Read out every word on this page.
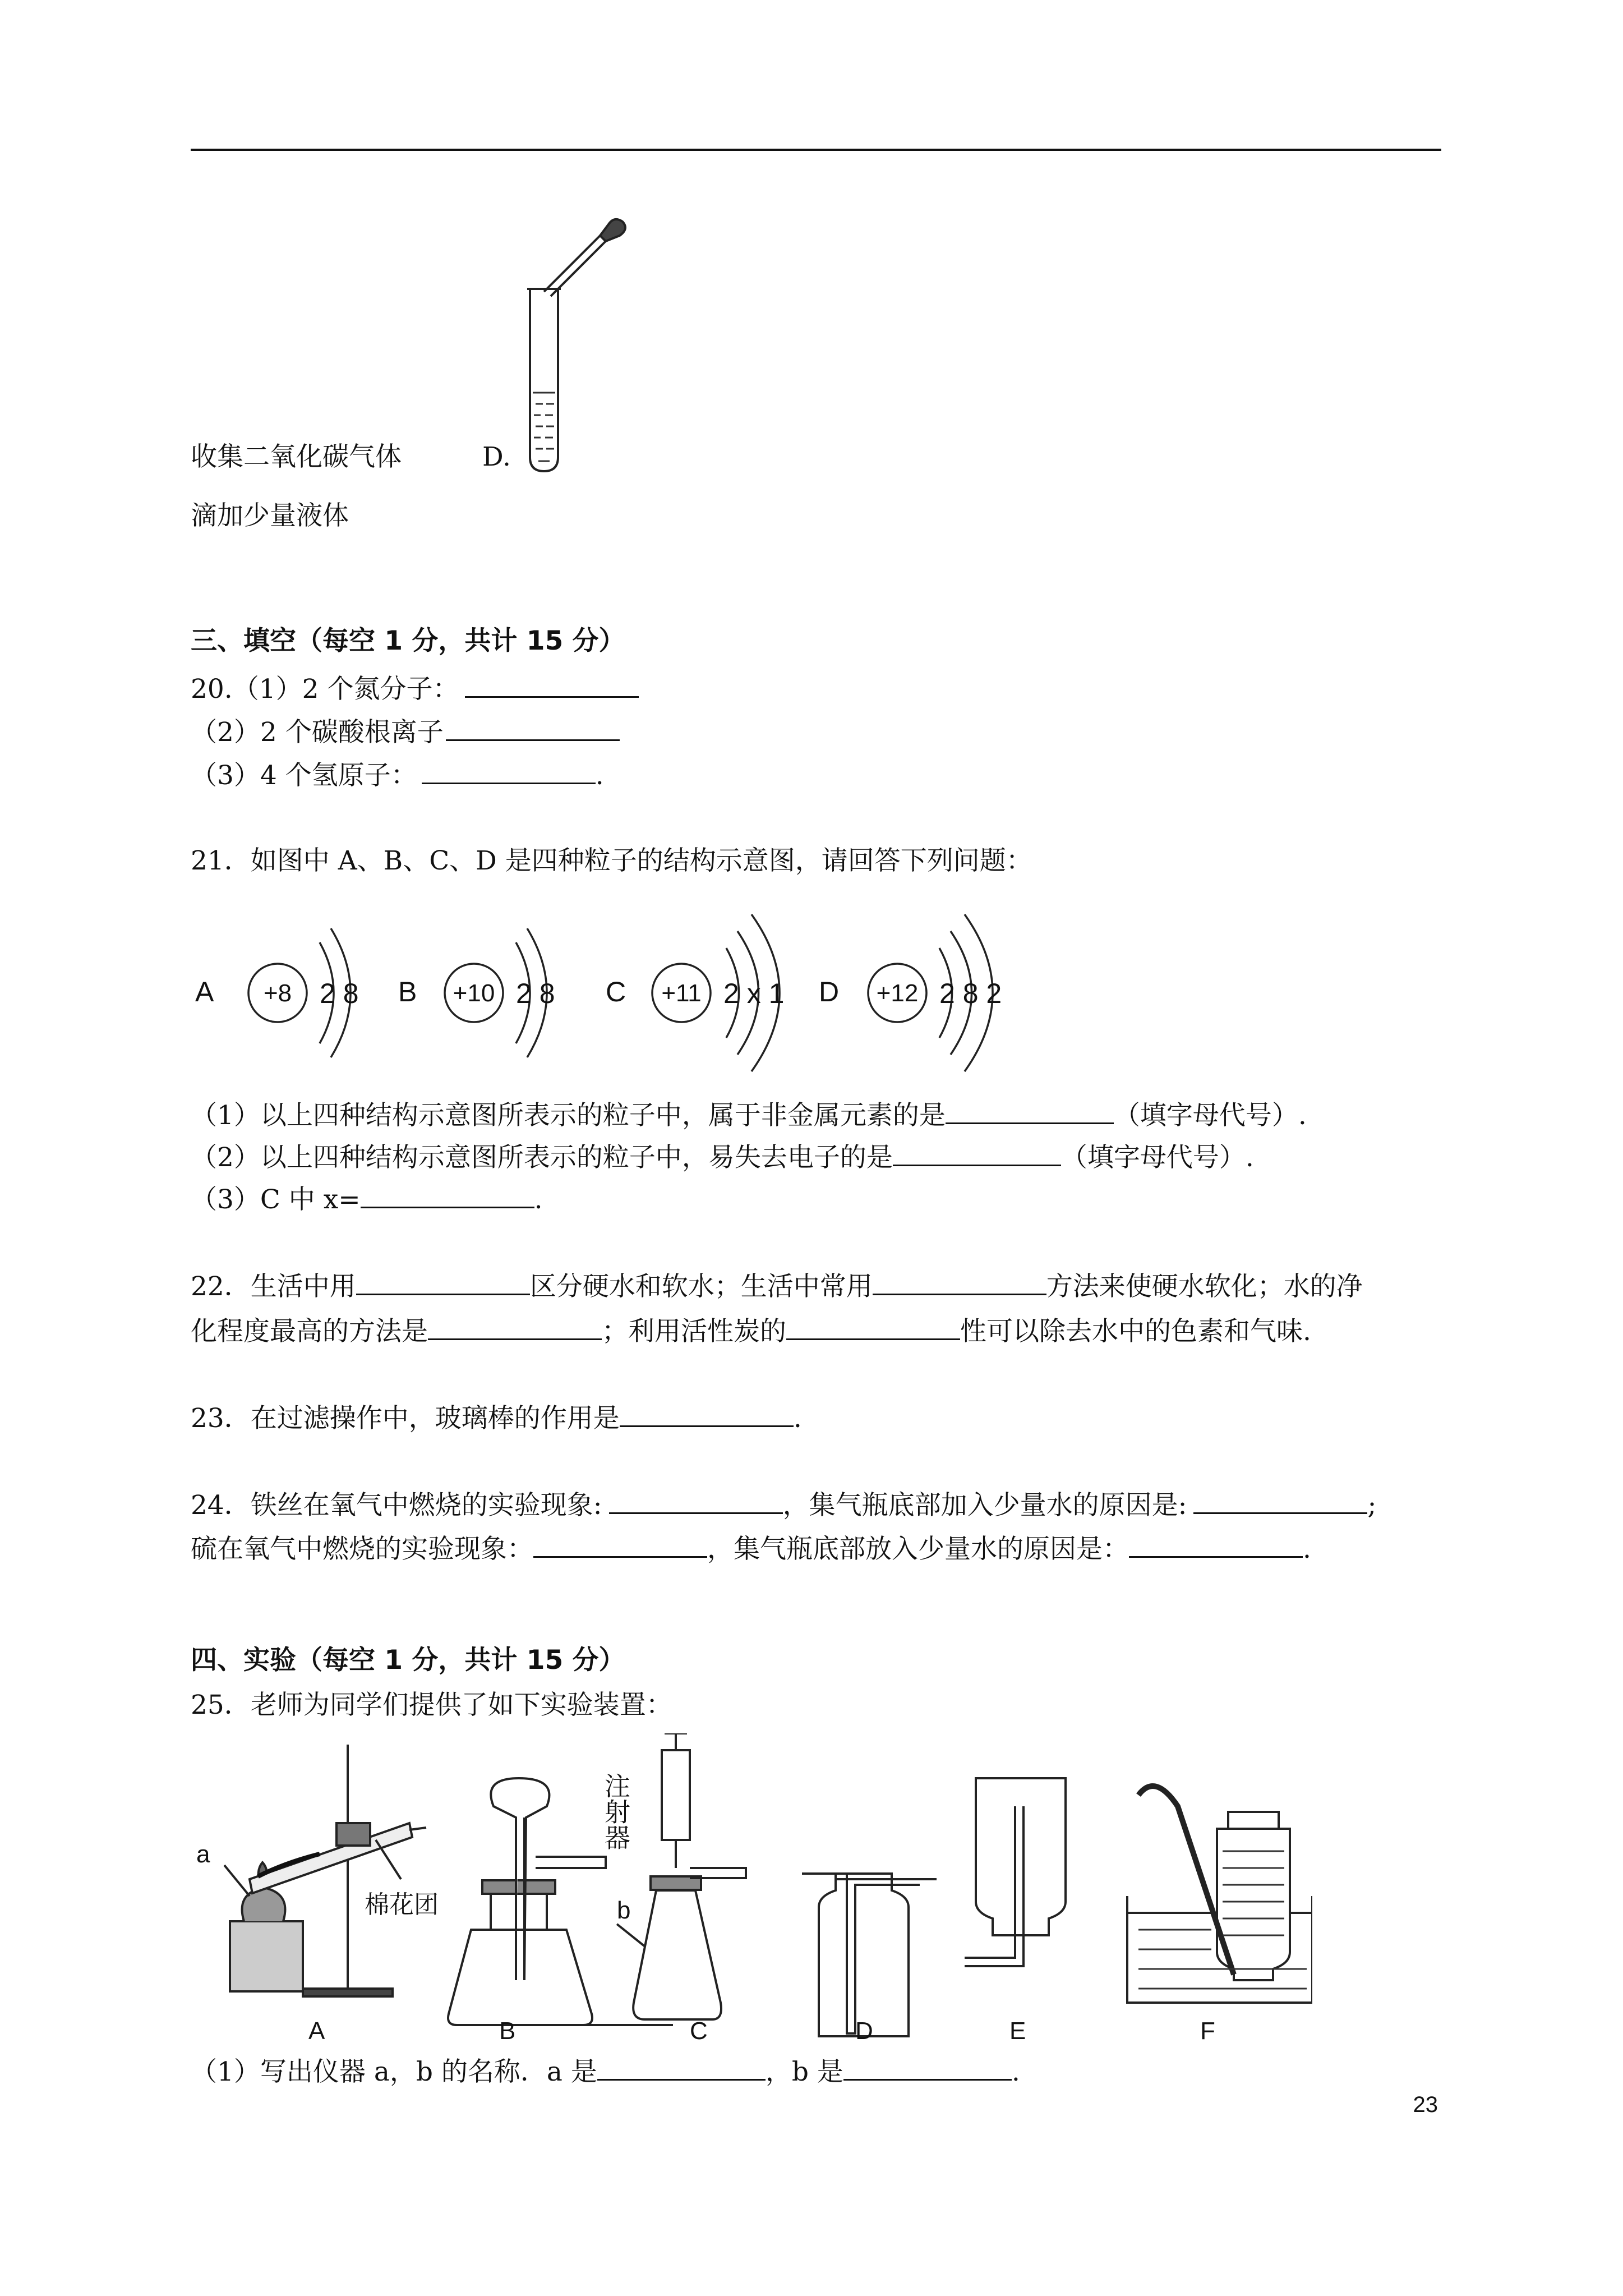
收集二氧化碳气体	D.
滴加少量液体
三、填空（每空 1 分，共计 15 分）
20.（1）2 个氮分子：
（2）2 个碳酸根离子
（3）4 个氢原子：	.
21．如图中 A、B、C、D 是四种粒子的结构示意图，请回答下列问题：
A	B	C	D
+8	+10	+11	+12
2 8	2 8	2 x 1	2 8 2
（1）以上四种结构示意图所表示的粒子中，属于非金属元素的是	（填字母代号）.
（2）以上四种结构示意图所表示的粒子中，易失去电子的是	（填字母代号）.
（3）C 中 x=	.
22．生活中用	区分硬水和软水；生活中常用	方法来使硬水软化；水的净
化程度最高的方法是	；利用活性炭的	性可以除去水中的色素和气味.
23．在过滤操作中，玻璃棒的作用是	.
24．铁丝在氧气中燃烧的实验现象:	，集气瓶底部加入少量水的原因是:	;
硫在氧气中燃烧的实验现象：	，集气瓶底部放入少量水的原因是：	.
四、实验（每空 1 分，共计 15 分）
25．老师为同学们提供了如下实验装置：
a
b
棉花团
A	B	C	D	E	F
注射器
（1）写出仪器 a，b 的名称．a 是	，b 是	.
23
